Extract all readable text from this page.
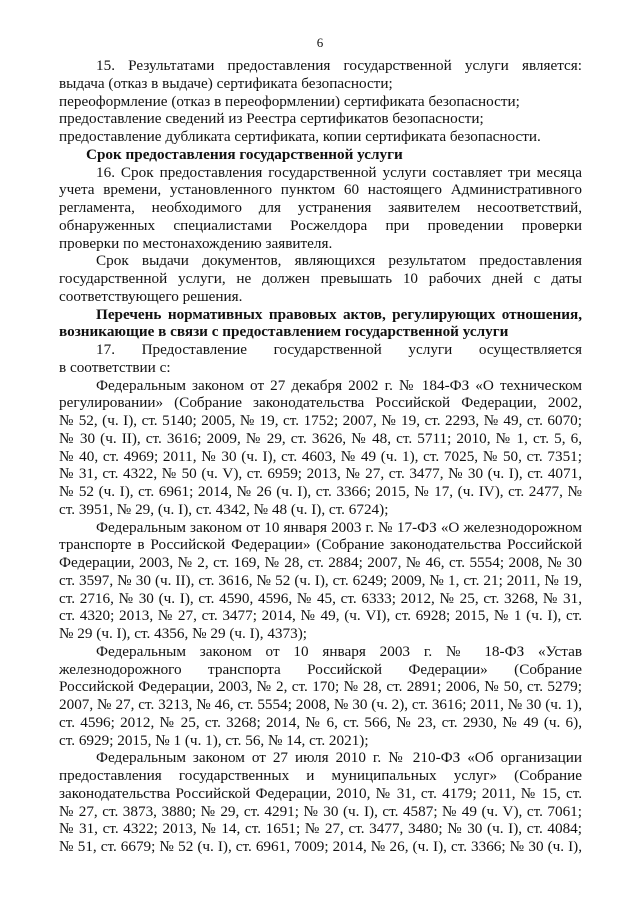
6
15. Результатами предоставления государственной услуги является:
выдача (отказ в выдаче) сертификата безопасности;
переоформление (отказ в переоформлении) сертификата безопасности;
предоставление сведений из Реестра сертификатов безопасности;
предоставление дубликата сертификата, копии сертификата безопасности.
Срок предоставления государственной услуги
16. Срок предоставления государственной услуги составляет три месяца
учета времени, установленного пунктом 60 настоящего Административного
регламента, необходимого для устранения заявителем несоответствий,
обнаруженных специалистами Росжелдора при проведении проверки
проверки по местонахождению заявителя.
Срок выдачи документов, являющихся результатом предоставления
государственной услуги, не должен превышать 10 рабочих дней с даты
соответствующего решения.
Перечень нормативных правовых актов, регулирующих отношения,
возникающие в связи с предоставлением государственной услуги
17. Предоставление государственной услуги осуществляется
в соответствии с:
Федеральным законом от 27 декабря 2002 г. № 184-ФЗ «О техническом
регулировании» (Собрание законодательства Российской Федерации, 2002,
№ 52, (ч. I), ст. 5140; 2005, № 19, ст. 1752; 2007, № 19, ст. 2293, № 49, ст. 6070;
№ 30 (ч. II), ст. 3616; 2009, № 29, ст. 3626, № 48, ст. 5711; 2010, № 1, ст. 5, 6,
№ 40, ст. 4969; 2011, № 30 (ч. I), ст. 4603, № 49 (ч. 1), ст. 7025, № 50, ст. 7351;
№ 31, ст. 4322, № 50 (ч. V), ст. 6959; 2013, № 27, ст. 3477, № 30 (ч. I), ст. 4071,
№ 52 (ч. I), ст. 6961; 2014, № 26 (ч. I), ст. 3366; 2015, № 17, (ч. IV), ст. 2477, №
ст. 3951, № 29, (ч. I), ст. 4342, № 48 (ч. I), ст. 6724);
Федеральным законом от 10 января 2003 г. № 17-ФЗ «О железнодорожном
транспорте в Российской Федерации» (Собрание законодательства Российской
Федерации, 2003, № 2, ст. 169, № 28, ст. 2884; 2007, № 46, ст. 5554; 2008, № 30
ст. 3597, № 30 (ч. II), ст. 3616, № 52 (ч. I), ст. 6249; 2009, № 1, ст. 21; 2011, № 19,
ст. 2716, № 30 (ч. I), ст. 4590, 4596, № 45, ст. 6333; 2012, № 25, ст. 3268, № 31,
ст. 4320; 2013, № 27, ст. 3477; 2014, № 49, (ч. VI), ст. 6928; 2015, № 1 (ч. I), ст.
№ 29 (ч. I), ст. 4356, № 29 (ч. I), 4373);
Федеральным законом от 10 января 2003 г. № 18-ФЗ «Устав
железнодорожного транспорта Российской Федерации» (Собрание
Российской Федерации, 2003, № 2, ст. 170; № 28, ст. 2891; 2006, № 50, ст. 5279;
2007, № 27, ст. 3213, № 46, ст. 5554; 2008, № 30 (ч. 2), ст. 3616; 2011, № 30 (ч. 1),
ст. 4596; 2012, № 25, ст. 3268; 2014, № 6, ст. 566, № 23, ст. 2930, № 49 (ч. 6),
ст. 6929; 2015, № 1 (ч. 1), ст. 56, № 14, ст. 2021);
Федеральным законом от 27 июля 2010 г. № 210-ФЗ «Об организации
предоставления государственных и муниципальных услуг» (Собрание
законодательства Российской Федерации, 2010, № 31, ст. 4179; 2011, № 15, ст.
№ 27, ст. 3873, 3880; № 29, ст. 4291; № 30 (ч. I), ст. 4587; № 49 (ч. V), ст. 7061;
№ 31, ст. 4322; 2013, № 14, ст. 1651; № 27, ст. 3477, 3480; № 30 (ч. I), ст. 4084;
№ 51, ст. 6679; № 52 (ч. I), ст. 6961, 7009; 2014, № 26, (ч. I), ст. 3366; № 30 (ч. I),
